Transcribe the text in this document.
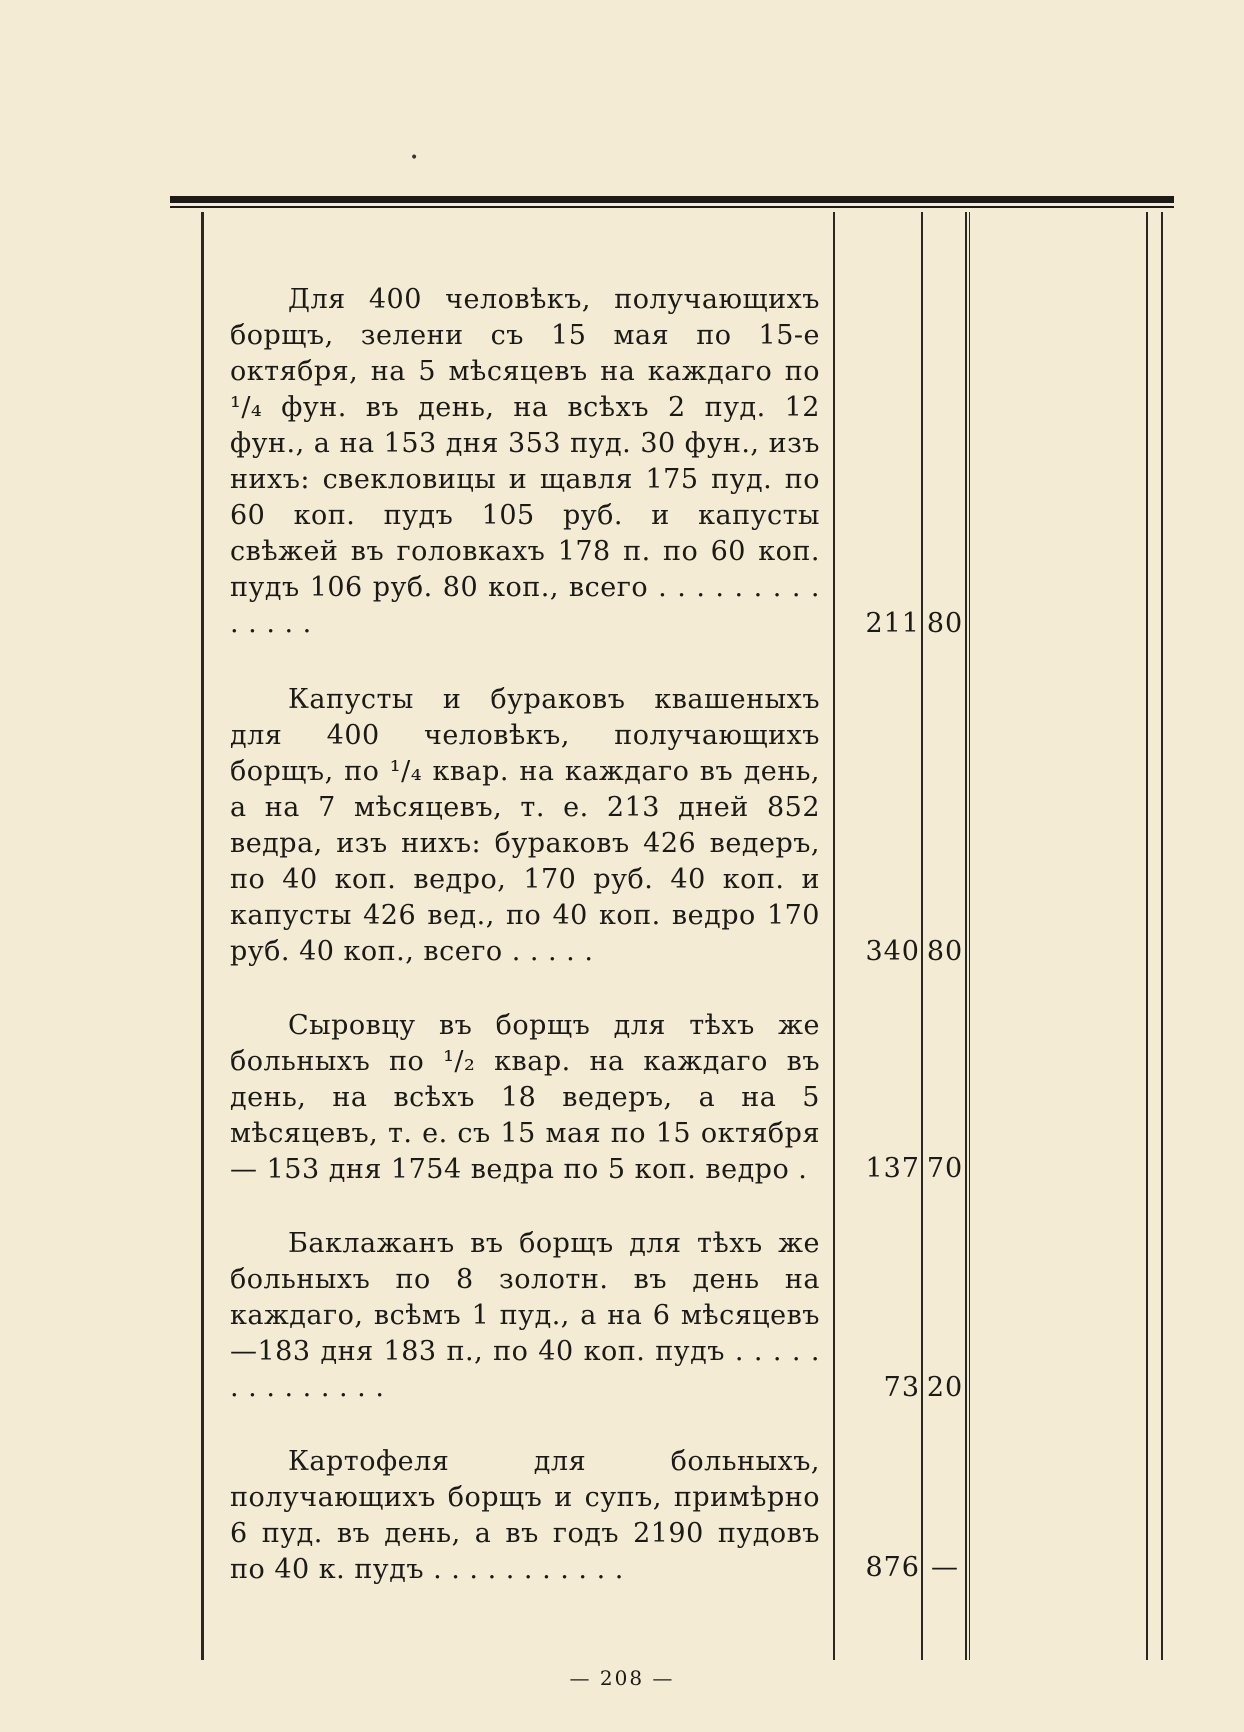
•

Для 400 человѣкъ, получающихъ борщъ, зелени съ 15 мая по 15-е октября, на 5 мѣсяцевъ на каждаго по ¹/₄ фун. въ день, на всѣхъ 2 пуд. 12 фун., а на 153 дня 353 пуд. 30 фун., изъ нихъ: свекловицы и щавля 175 пуд. по 60 коп. пудъ 105 руб. и капусты свѣжей въ головкахъ 178 п. по 60 коп. пудъ 106 руб. 80 коп., всего . . . . . . . . . . . . . .	211 80

Капусты и бураковъ квашеныхъ для 400 человѣкъ, получающихъ борщъ, по ¹/₄ квар. на каждаго въ день, а на 7 мѣсяцевъ, т. е. 213 дней 852 ведра, изъ нихъ: бураковъ 426 ведеръ, по 40 коп. ведро, 170 руб. 40 коп. и капусты 426 вед., по 40 коп. ведро 170 руб. 40 коп., всего . . . . .	340 80

Сыровцу въ борщъ для тѣхъ же больныхъ по ¹/₂ квар. на каждаго въ день, на всѣхъ 18 ведеръ, а на 5 мѣсяцевъ, т. е. съ 15 мая по 15 октября— 153 дня 1754 ведра по 5 коп. ведро .	137 70

Баклажанъ въ борщъ для тѣхъ же больныхъ по 8 золотн. въ день на каждаго, всѣмъ 1 пуд., а на 6 мѣсяцевъ—183 дня 183 п., по 40 коп. пудъ . . . . . . . . . . . . . .	73 20

Картофеля для больныхъ, получающихъ борщъ и супъ, примѣрно 6 пуд. въ день, а въ годъ 2190 пудовъ по 40 к. пудъ . . . . . . . . . . .	876 —
— 208 —
